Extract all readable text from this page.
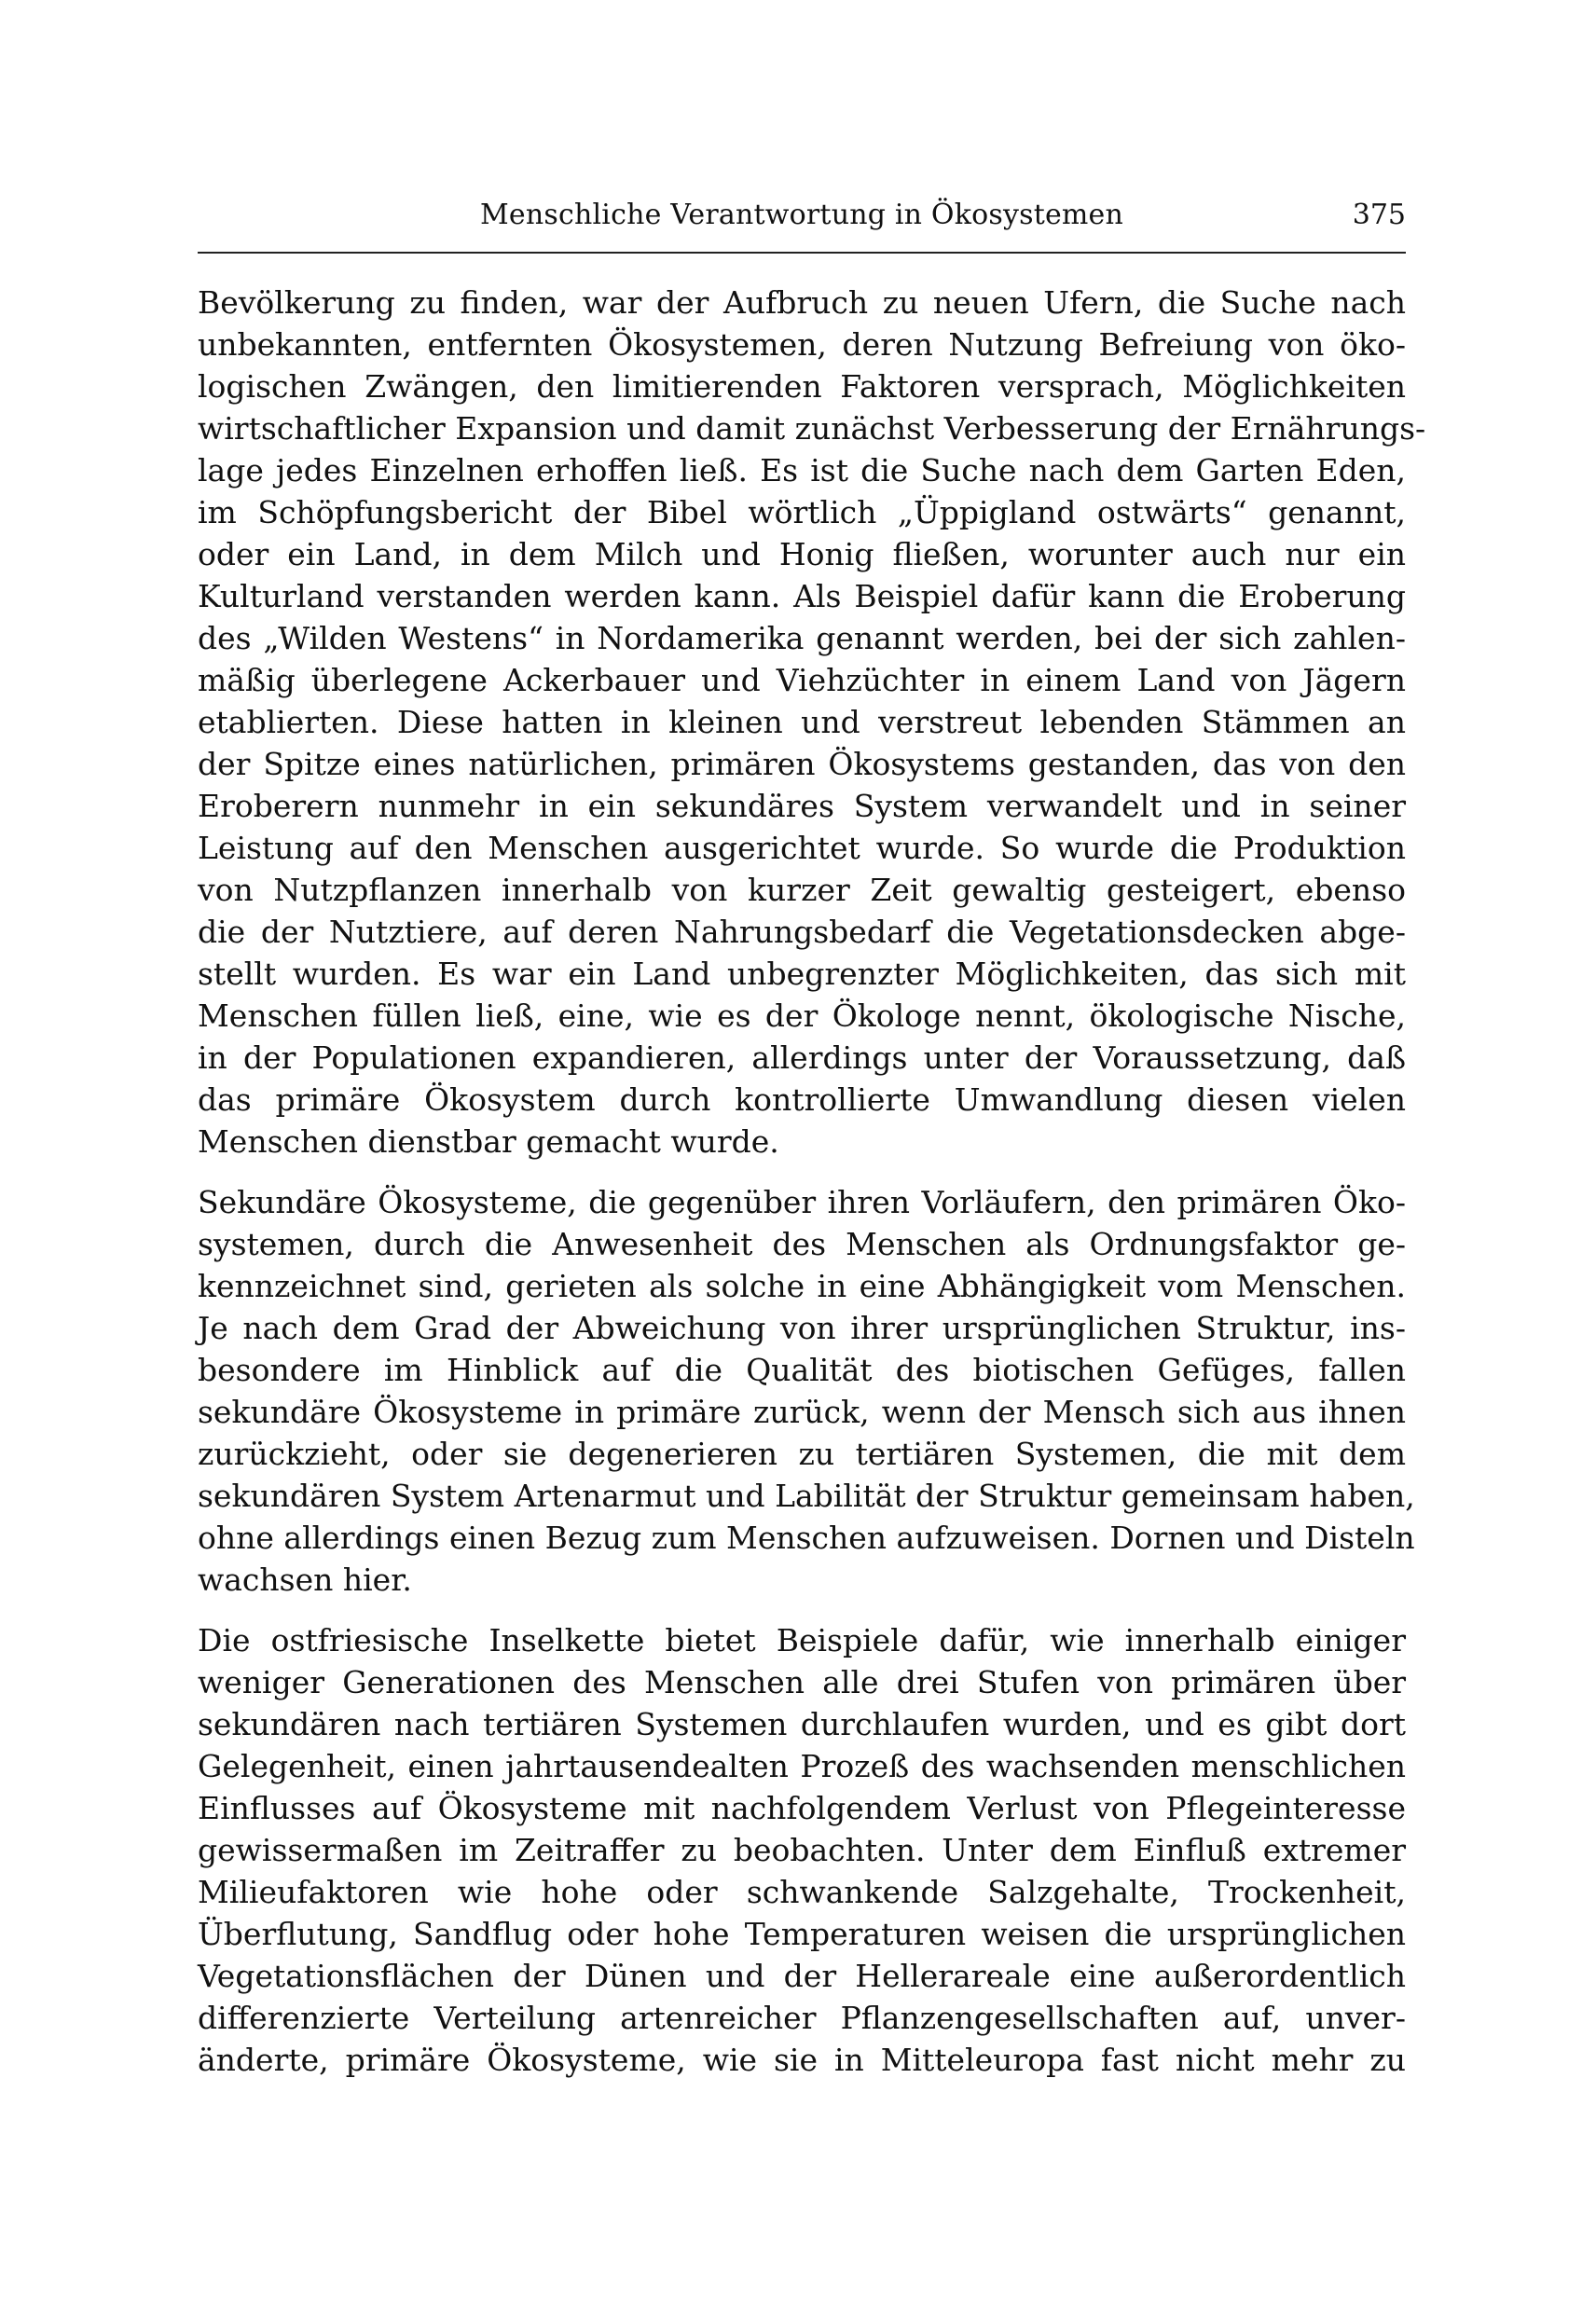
Menschliche Verantwortung in Ökosystemen	375

Bevölkerung zu finden, war der Aufbruch zu neuen Ufern, die Suche nach
unbekannten, entfernten Ökosystemen, deren Nutzung Befreiung von öko-
logischen Zwängen, den limitierenden Faktoren versprach, Möglichkeiten
wirtschaftlicher Expansion und damit zunächst Verbesserung der Ernährungs-
lage jedes Einzelnen erhoffen ließ. Es ist die Suche nach dem Garten Eden,
im Schöpfungsbericht der Bibel wörtlich „Üppigland ostwärts“ genannt,
oder ein Land, in dem Milch und Honig fließen, worunter auch nur ein
Kulturland verstanden werden kann. Als Beispiel dafür kann die Eroberung
des „Wilden Westens“ in Nordamerika genannt werden, bei der sich zahlen-
mäßig überlegene Ackerbauer und Viehzüchter in einem Land von Jägern
etablierten. Diese hatten in kleinen und verstreut lebenden Stämmen an
der Spitze eines natürlichen, primären Ökosystems gestanden, das von den
Eroberern nunmehr in ein sekundäres System verwandelt und in seiner
Leistung auf den Menschen ausgerichtet wurde. So wurde die Produktion
von Nutzpflanzen innerhalb von kurzer Zeit gewaltig gesteigert, ebenso
die der Nutztiere, auf deren Nahrungsbedarf die Vegetationsdecken abge-
stellt wurden. Es war ein Land unbegrenzter Möglichkeiten, das sich mit
Menschen füllen ließ, eine, wie es der Ökologe nennt, ökologische Nische,
in der Populationen expandieren, allerdings unter der Voraussetzung, daß
das primäre Ökosystem durch kontrollierte Umwandlung diesen vielen
Menschen dienstbar gemacht wurde.

Sekundäre Ökosysteme, die gegenüber ihren Vorläufern, den primären Öko-
systemen, durch die Anwesenheit des Menschen als Ordnungsfaktor ge-
kennzeichnet sind, gerieten als solche in eine Abhängigkeit vom Menschen.
Je nach dem Grad der Abweichung von ihrer ursprünglichen Struktur, ins-
besondere im Hinblick auf die Qualität des biotischen Gefüges, fallen
sekundäre Ökosysteme in primäre zurück, wenn der Mensch sich aus ihnen
zurückzieht, oder sie degenerieren zu tertiären Systemen, die mit dem
sekundären System Artenarmut und Labilität der Struktur gemeinsam haben,
ohne allerdings einen Bezug zum Menschen aufzuweisen. Dornen und Disteln
wachsen hier.

Die ostfriesische Inselkette bietet Beispiele dafür, wie innerhalb einiger
weniger Generationen des Menschen alle drei Stufen von primären über
sekundären nach tertiären Systemen durchlaufen wurden, und es gibt dort
Gelegenheit, einen jahrtausendealten Prozeß des wachsenden menschlichen
Einflusses auf Ökosysteme mit nachfolgendem Verlust von Pflegeinteresse
gewissermaßen im Zeitraffer zu beobachten. Unter dem Einfluß extremer
Milieufaktoren wie hohe oder schwankende Salzgehalte, Trockenheit,
Überflutung, Sandflug oder hohe Temperaturen weisen die ursprünglichen
Vegetationsflächen der Dünen und der Hellerareale eine außerordentlich
differenzierte Verteilung artenreicher Pflanzengesellschaften auf, unver-
änderte, primäre Ökosysteme, wie sie in Mitteleuropa fast nicht mehr zu
